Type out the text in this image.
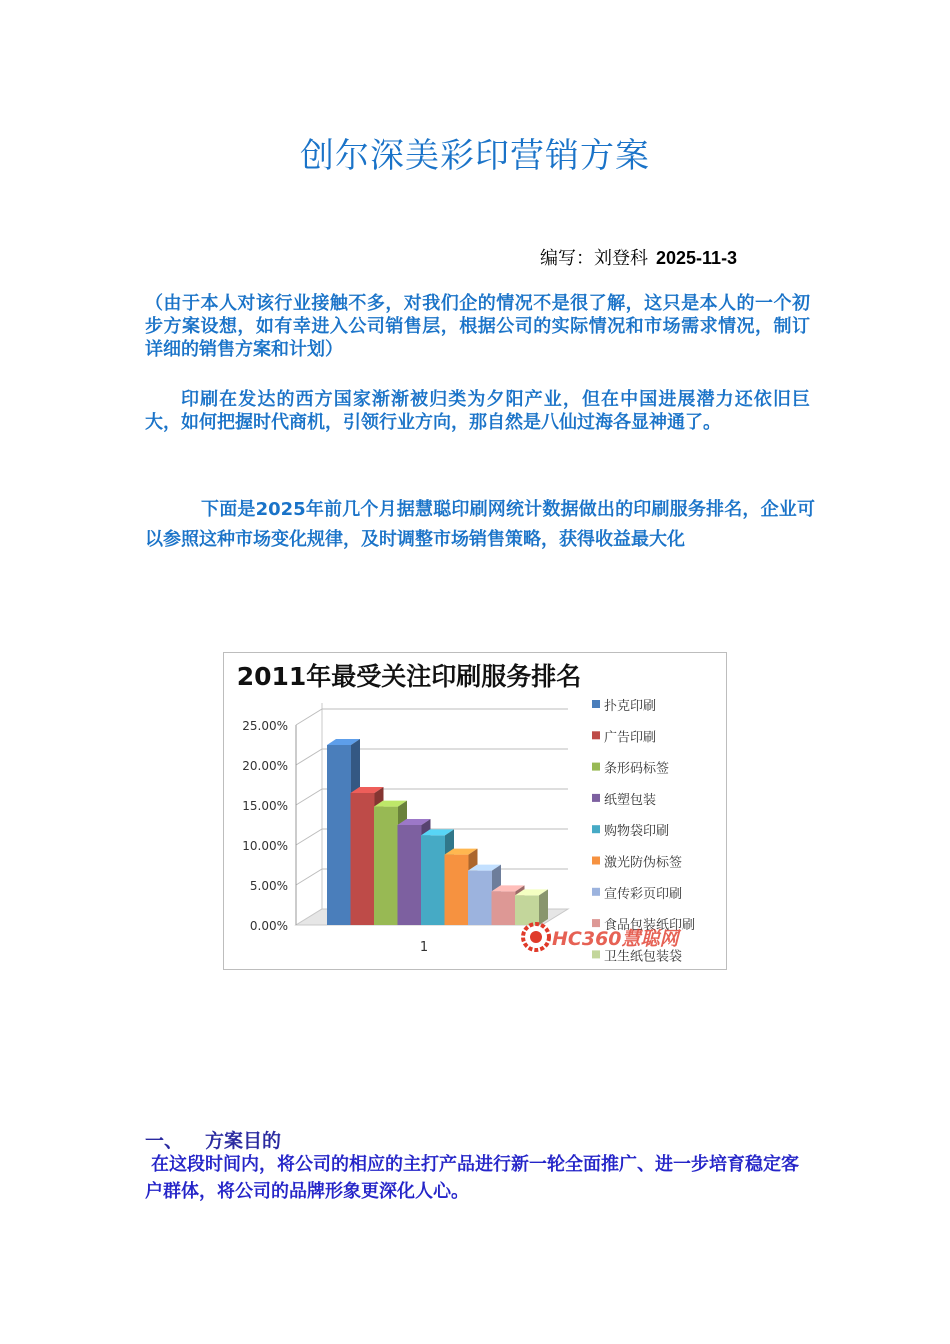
创尔深美彩印营销方案
编写：刘登科 2025-11-3
（由于本人对该行业接触不多，对我们企的情况不是很了解，这只是本人的一个初步方案设想，如有幸进入公司销售层，根据公司的实际情况和市场需求情况，制订详细的销售方案和计划）
印刷在发达的西方国家渐渐被归类为夕阳产业，但在中国进展潜力还依旧巨大，如何把握时代商机，引领行业方向，那自然是八仙过海各显神通了。
下面是2025年前几个月据慧聪印刷网统计数据做出的印刷服务排名，企业可以参照这种市场变化规律，及时调整市场销售策略，获得收益最大化
2011年最受关注印刷服务排名
0.00%
5.00%
10.00%
15.00%
20.00%
25.00%
1
扑克印刷
广告印刷
条形码标签
纸塑包装
购物袋印刷
激光防伪标签
宣传彩页印刷
食品包装纸印刷
卫生纸包装袋
HC360慧聪网
一、 方案目的
在这段时间内，将公司的相应的主打产品进行新一轮全面推广、进一步培育稳定客户群体，将公司的品牌形象更深化人心。
